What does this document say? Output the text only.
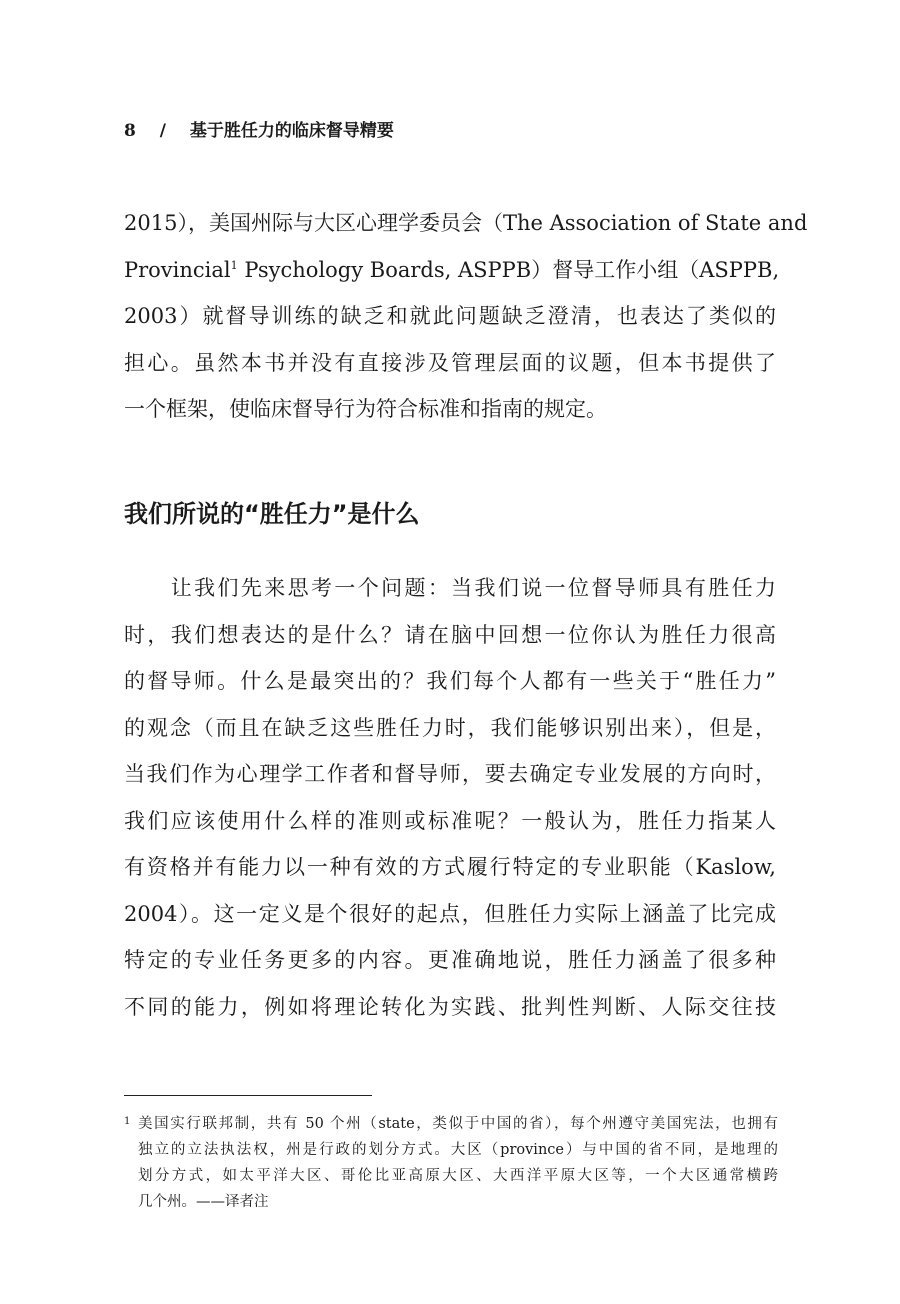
8 / 基于胜任力的临床督导精要
2015），美国州际与大区心理学委员会（The Association of State and
Provincial$^1$ Psychology Boards, ASPPB）督导工作小组（ASPPB,
2003）就督导训练的缺乏和就此问题缺乏澄清，也表达了类似的
担心。虽然本书并没有直接涉及管理层面的议题，但本书提供了
一个框架，使临床督导行为符合标准和指南的规定。
我们所说的“胜任力”是什么
　　让我们先来思考一个问题：当我们说一位督导师具有胜任力
时，我们想表达的是什么？请在脑中回想一位你认为胜任力很高
的督导师。什么是最突出的？我们每个人都有一些关于“胜任力”
的观念（而且在缺乏这些胜任力时，我们能够识别出来），但是，
当我们作为心理学工作者和督导师，要去确定专业发展的方向时，
我们应该使用什么样的准则或标准呢？一般认为，胜任力指某人
有资格并有能力以一种有效的方式履行特定的专业职能（Kaslow,
2004）。这一定义是个很好的起点，但胜任力实际上涵盖了比完成
特定的专业任务更多的内容。更准确地说，胜任力涵盖了很多种
不同的能力，例如将理论转化为实践、批判性判断、人际交往技
1 美国实行联邦制，共有 50 个州（state，类似于中国的省），每个州遵守美国宪法，也拥有
独立的立法执法权，州是行政的划分方式。大区（province）与中国的省不同，是地理的
划分方式，如太平洋大区、哥伦比亚高原大区、大西洋平原大区等，一个大区通常横跨
几个州。——译者注
